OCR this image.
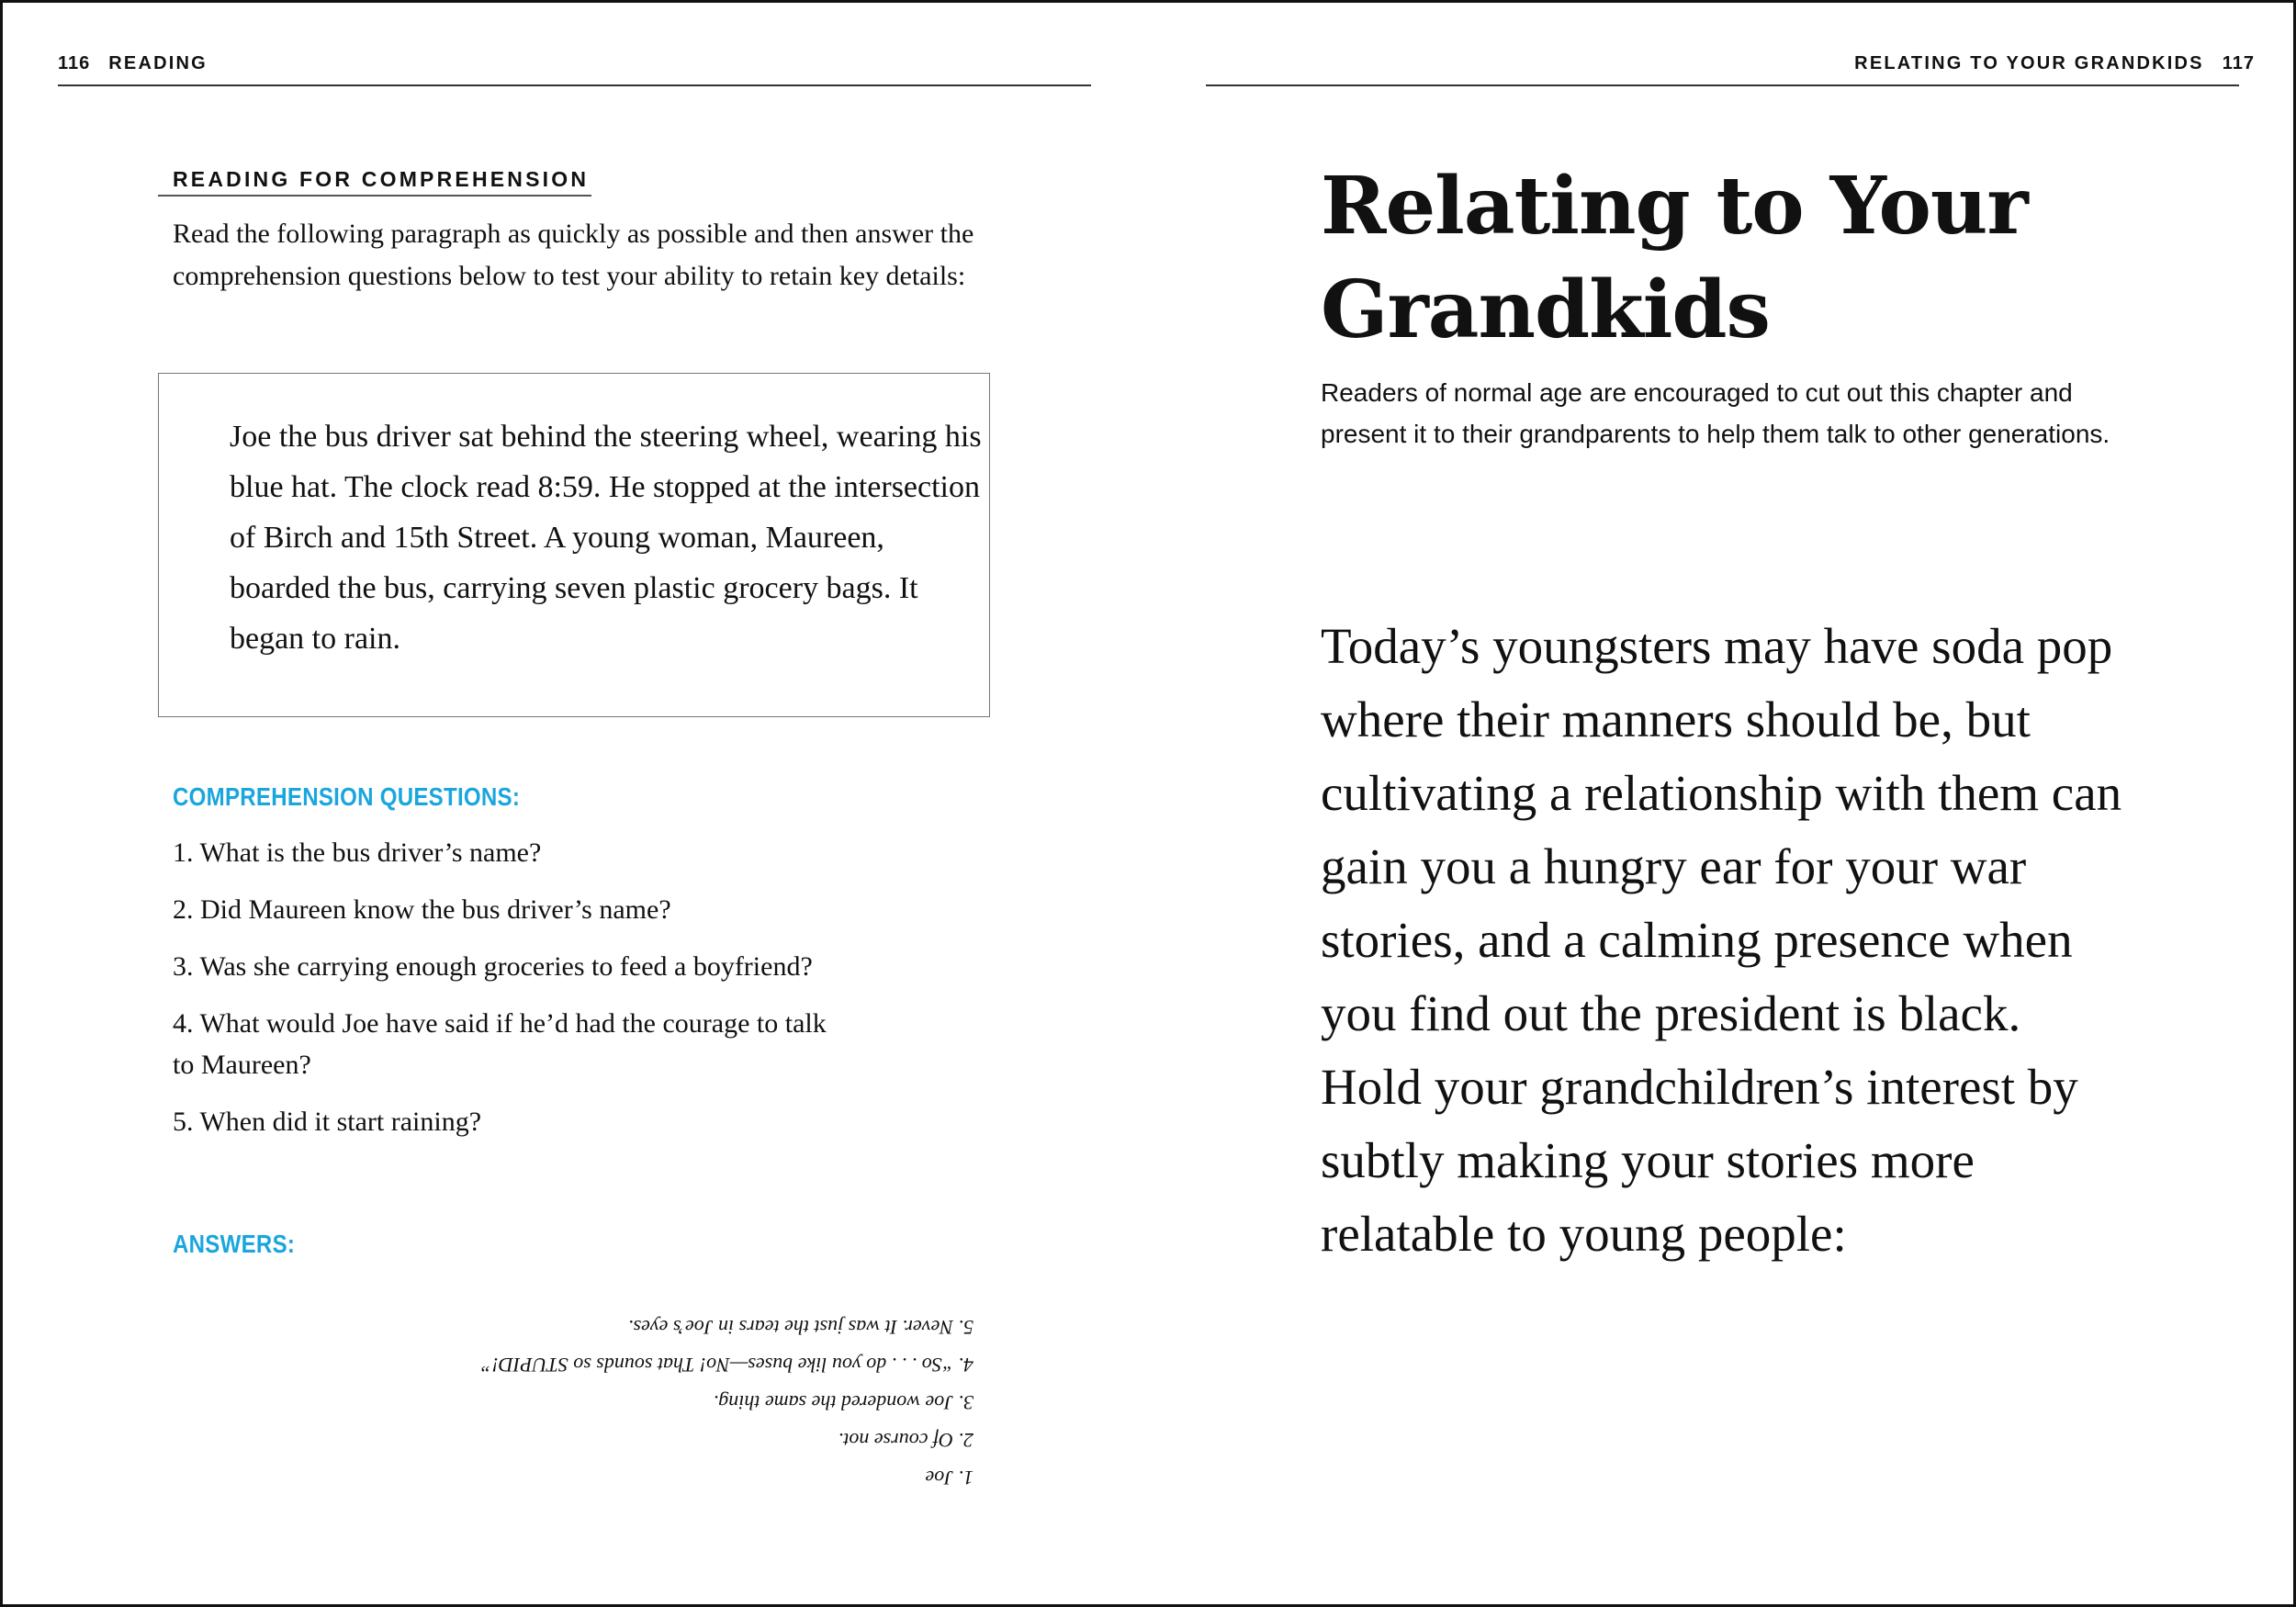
116 READING
READING FOR COMPREHENSION

Read the following paragraph as quickly as possible and then answer the comprehension questions below to test your ability to retain key details:

Joe the bus driver sat behind the steering wheel, wearing his blue hat. The clock read 8:59. He stopped at the intersection of Birch and 15th Street. A young woman, Maureen, boarded the bus, carrying seven plastic grocery bags. It began to rain.

COMPREHENSION QUESTIONS:
1. What is the bus driver’s name?
2. Did Maureen know the bus driver’s name?
3. Was she carrying enough groceries to feed a boyfriend?
4. What would Joe have said if he’d had the courage to talk to Maureen?
5. When did it start raining?
ANSWERS:
1. Joe
2. Of course not.
3. Joe wondered the same thing.
4. “So . . . do you like buses—No! That sounds so STUPID!”
5. Never. It was just the tears in Joe’s eyes.
RELATING TO YOUR GRANDKIDS 117
Relating to Your Grandkids

Readers of normal age are encouraged to cut out this chapter and present it to their grandparents to help them talk to other generations.

Today’s youngsters may have soda pop where their manners should be, but cultivating a relationship with them can gain you a hungry ear for your war stories, and a calming presence when you find out the president is black. Hold your grandchildren’s interest by subtly making your stories more relatable to young people:
